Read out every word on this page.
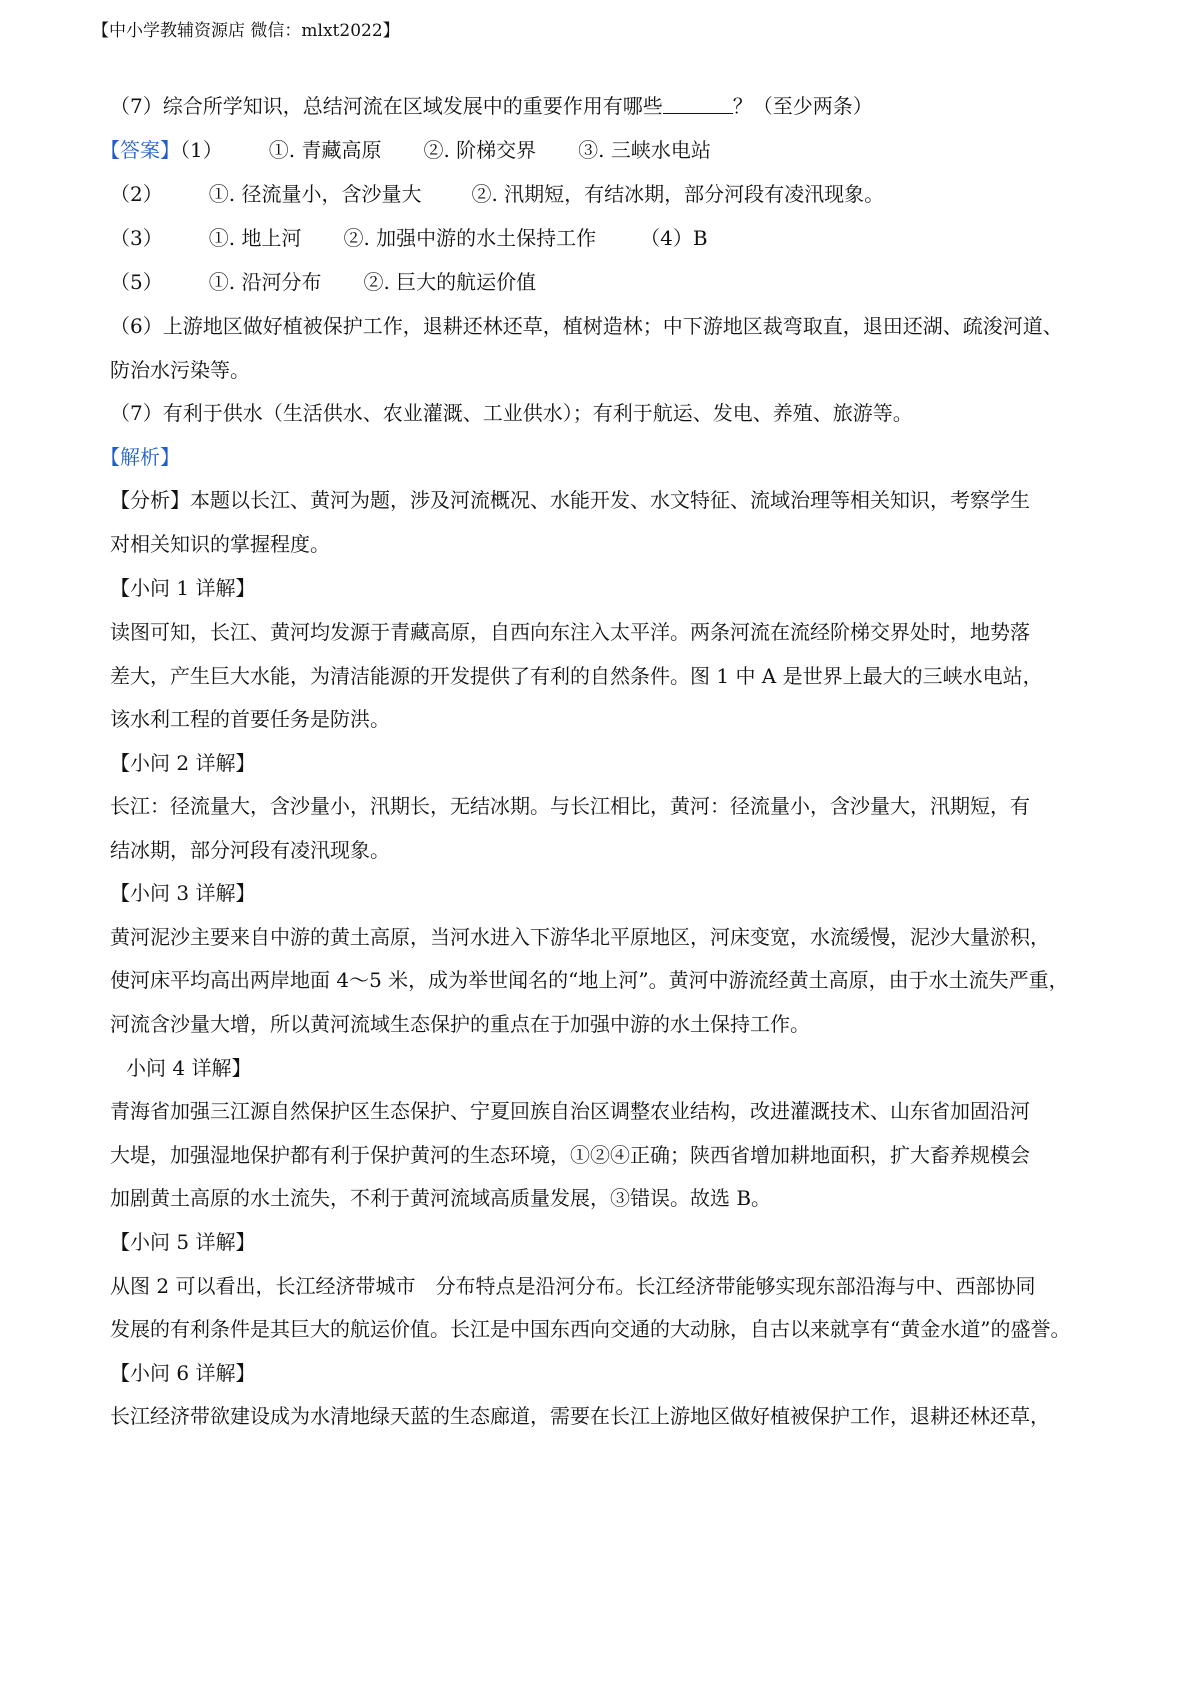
【中小学教辅资源店 微信：mlxt2022】
（7）综合所学知识，总结河流在区域发展中的重要作用有哪些	？（至少两条）
【答案】（1） ①. 青藏高原 ②. 阶梯交界 ③. 三峡水电站
（2） ①. 径流量小，含沙量大	②. 汛期短，有结冰期，部分河段有凌汛现象。
（3） ①. 地上河 ②. 加强中游的水土保持工作 （4）B
（5） ①. 沿河分布 ②. 巨大的航运价值
（6）上游地区做好植被保护工作，退耕还林还草，植树造林；中下游地区裁弯取直，退田还湖、疏浚河道、
防治水污染等。
（7）有利于供水（生活供水、农业灌溉、工业供水）；有利于航运、发电、养殖、旅游等。
【解析】
【分析】本题以长江、黄河为题，涉及河流概况、水能开发、水文特征、流域治理等相关知识，考察学生
对相关知识的掌握程度。
【小问 1 详解】
读图可知，长江、黄河均发源于青藏高原，自西向东注入太平洋。两条河流在流经阶梯交界处时，地势落
差大，产生巨大水能，为清洁能源的开发提供了有利的自然条件。图 1 中 A 是世界上最大的三峡水电站，
该水利工程的首要任务是防洪。
【小问 2 详解】
长江：径流量大，含沙量小，汛期长，无结冰期。与长江相比，黄河：径流量小，含沙量大，汛期短，有
结冰期，部分河段有凌汛现象。
【小问 3 详解】
黄河泥沙主要来自中游的黄土高原，当河水进入下游华北平原地区，河床变宽，水流缓慢，泥沙大量淤积，
使河床平均高出两岸地面 4～5 米，成为举世闻名的“地上河”。黄河中游流经黄土高原，由于水土流失严重，
河流含沙量大增，所以黄河流域生态保护的重点在于加强中游的水土保持工作。
小问 4 详解】
青海省加强三江源自然保护区生态保护、宁夏回族自治区调整农业结构，改进灌溉技术、山东省加固沿河
大堤，加强湿地保护都有利于保护黄河的生态环境，①②④正确；陕西省增加耕地面积，扩大畜养规模会
加剧黄土高原的水土流失，不利于黄河流域高质量发展，③错误。故选 B。
【小问 5 详解】
从图 2 可以看出，长江经济带城市　分布特点是沿河分布。长江经济带能够实现东部沿海与中、西部协同
发展的有利条件是其巨大的航运价值。长江是中国东西向交通的大动脉，自古以来就享有“黄金水道”的盛誉。
【小问 6 详解】
长江经济带欲建设成为水清地绿天蓝的生态廊道，需要在长江上游地区做好植被保护工作，退耕还林还草，
